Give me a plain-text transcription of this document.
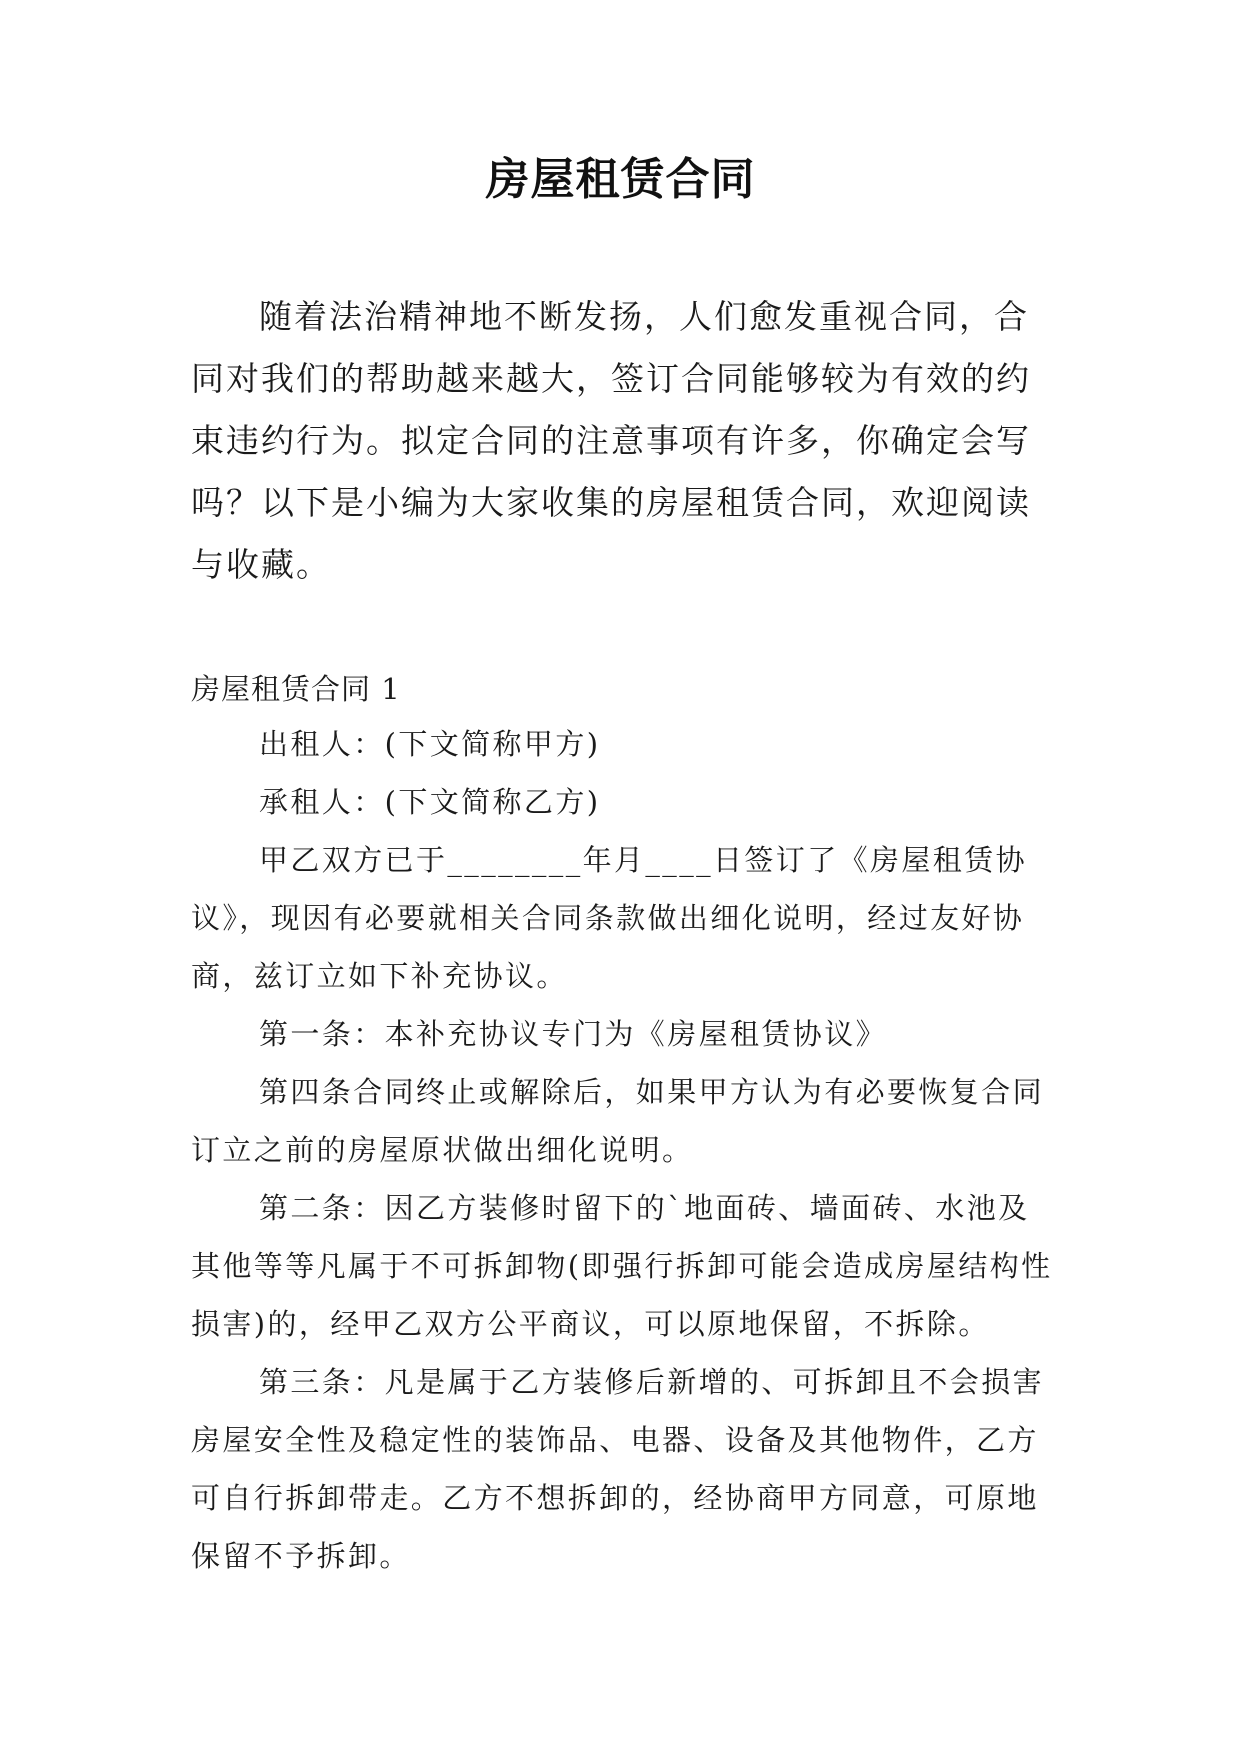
房屋租赁合同

随着法治精神地不断发扬，人们愈发重视合同，合同对我们的帮助越来越大，签订合同能够较为有效的约束违约行为。拟定合同的注意事项有许多，你确定会写吗？以下是小编为大家收集的房屋租赁合同，欢迎阅读与收藏。

房屋租赁合同 1

出租人：(下文简称甲方)

承租人：(下文简称乙方)

甲乙双方已于________年月____日签订了《房屋租赁协议》，现因有必要就相关合同条款做出细化说明，经过友好协商，兹订立如下补充协议。

第一条：本补充协议专门为《房屋租赁协议》

第四条合同终止或解除后，如果甲方认为有必要恢复合同订立之前的房屋原状做出细化说明。

第二条：因乙方装修时留下的`地面砖、墙面砖、水池及其他等等凡属于不可拆卸物(即强行拆卸可能会造成房屋结构性损害)的，经甲乙双方公平商议，可以原地保留，不拆除。

第三条：凡是属于乙方装修后新增的、可拆卸且不会损害房屋安全性及稳定性的装饰品、电器、设备及其他物件，乙方可自行拆卸带走。乙方不想拆卸的，经协商甲方同意，可原地保留不予拆卸。
